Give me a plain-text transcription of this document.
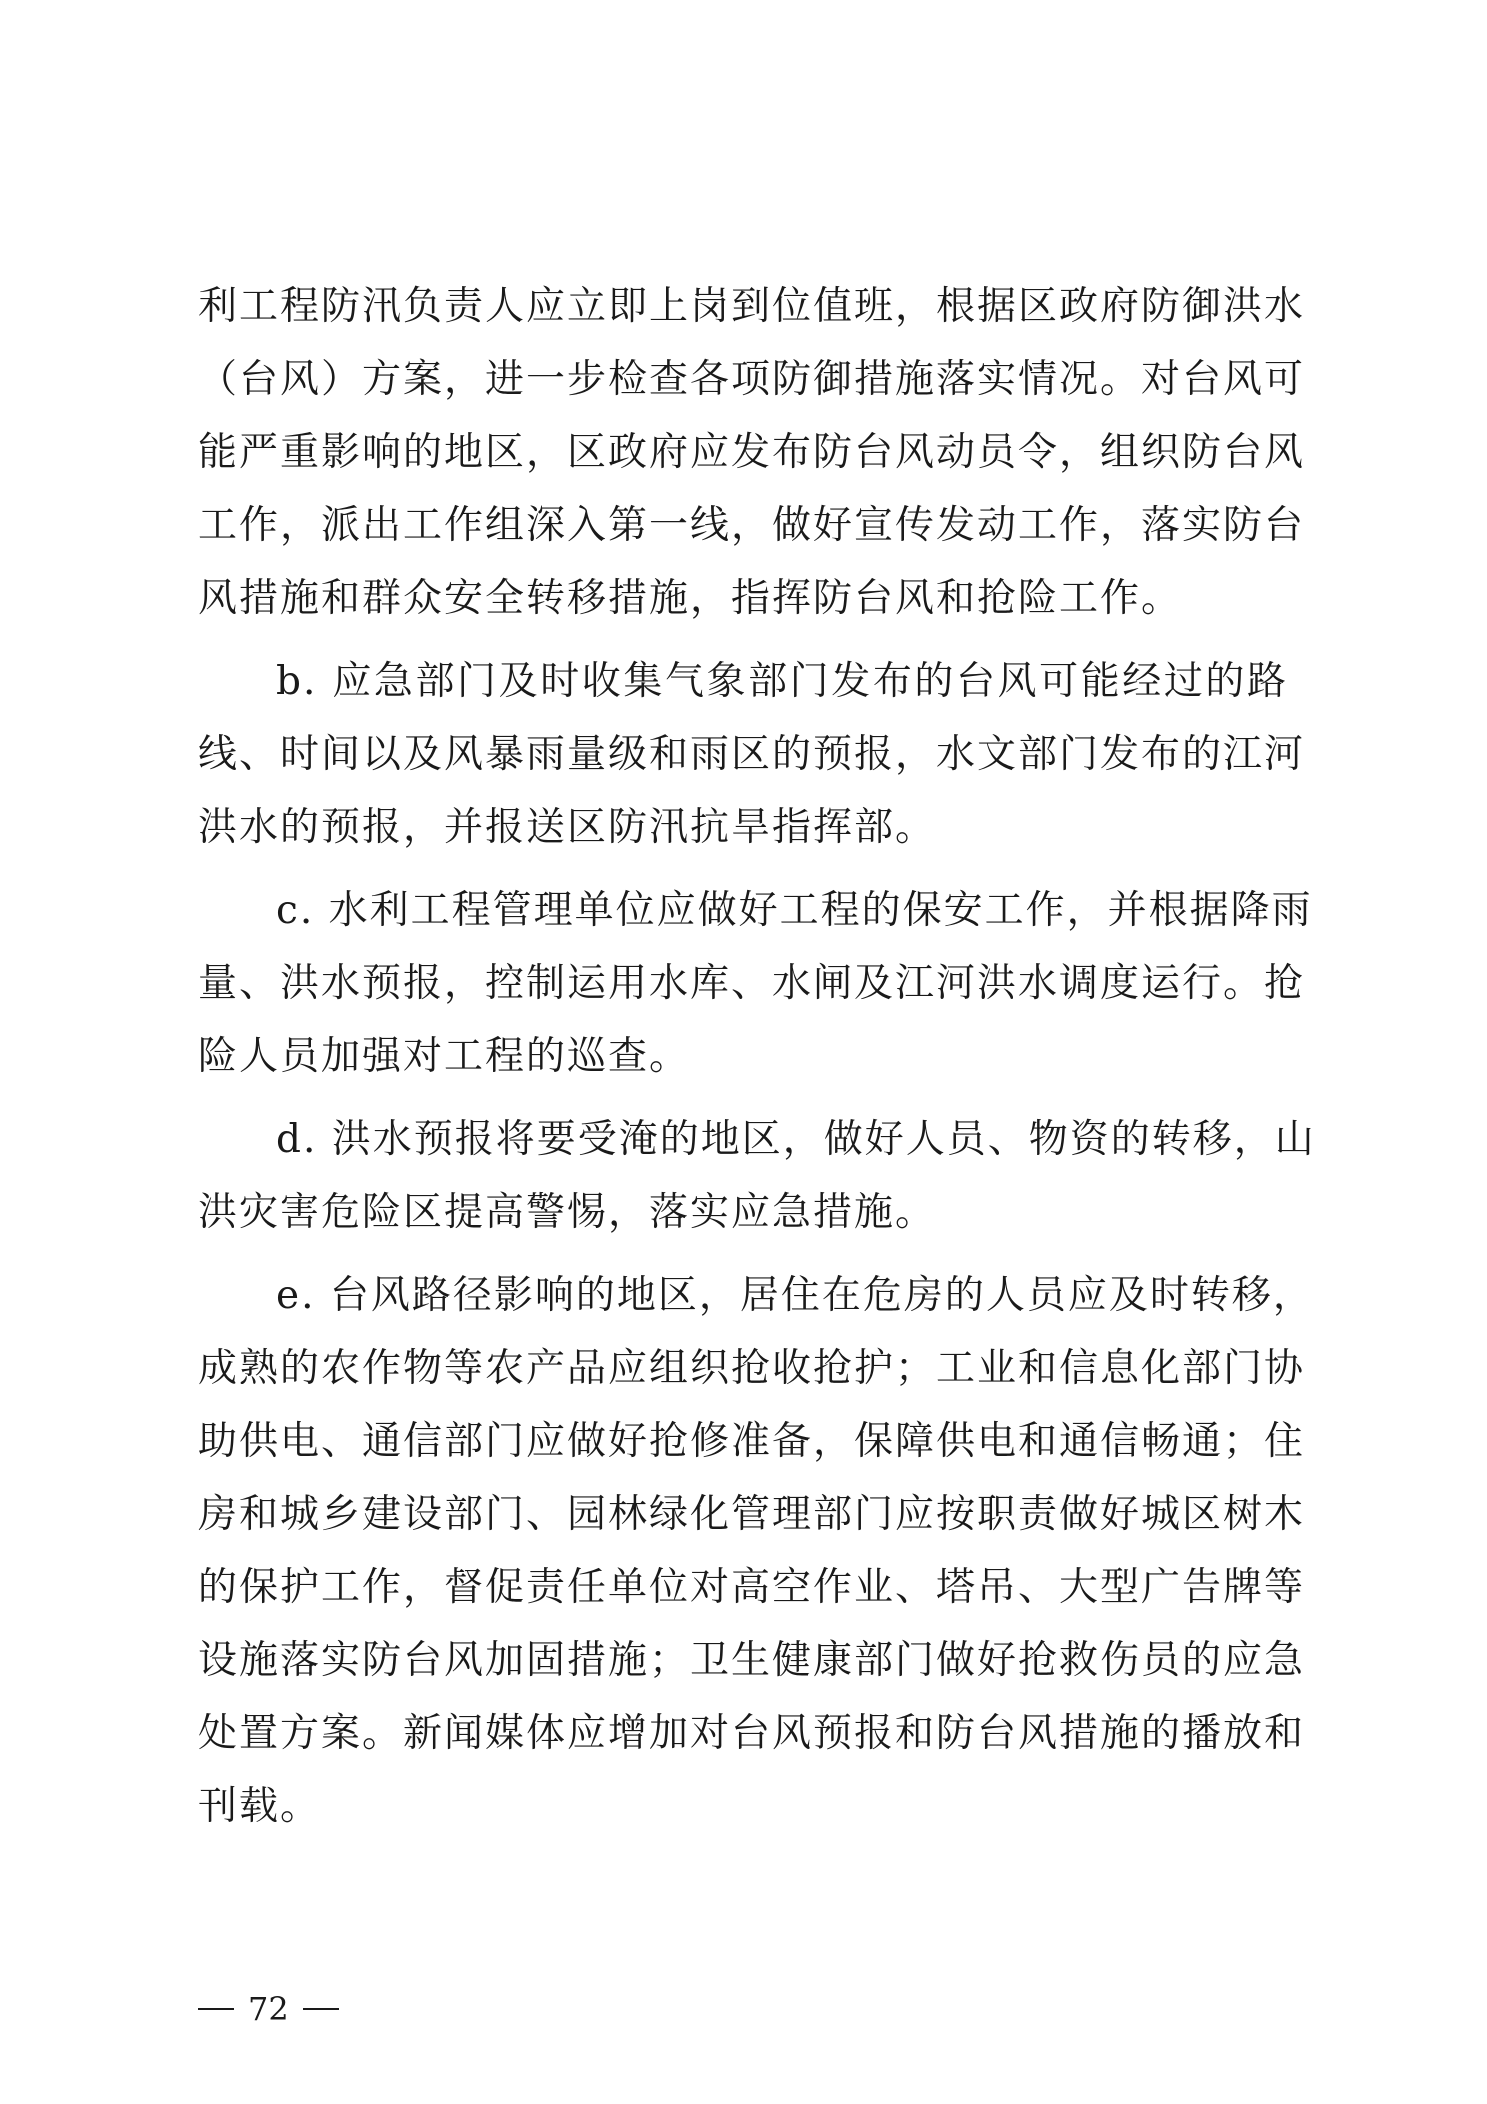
利工程防汛负责人应立即上岗到位值班，根据区政府防御洪水
（台风）方案，进一步检查各项防御措施落实情况。对台风可
能严重影响的地区，区政府应发布防台风动员令，组织防台风
工作，派出工作组深入第一线，做好宣传发动工作，落实防台
风措施和群众安全转移措施，指挥防台风和抢险工作。
b. 应急部门及时收集气象部门发布的台风可能经过的路
线、时间以及风暴雨量级和雨区的预报，水文部门发布的江河
洪水的预报，并报送区防汛抗旱指挥部。
c. 水利工程管理单位应做好工程的保安工作，并根据降雨
量、洪水预报，控制运用水库、水闸及江河洪水调度运行。抢
险人员加强对工程的巡查。
d. 洪水预报将要受淹的地区，做好人员、物资的转移，山
洪灾害危险区提高警惕，落实应急措施。
e. 台风路径影响的地区，居住在危房的人员应及时转移，
成熟的农作物等农产品应组织抢收抢护；工业和信息化部门协
助供电、通信部门应做好抢修准备，保障供电和通信畅通；住
房和城乡建设部门、园林绿化管理部门应按职责做好城区树木
的保护工作，督促责任单位对高空作业、塔吊、大型广告牌等
设施落实防台风加固措施；卫生健康部门做好抢救伤员的应急
处置方案。新闻媒体应增加对台风预报和防台风措施的播放和
刊载。
72
